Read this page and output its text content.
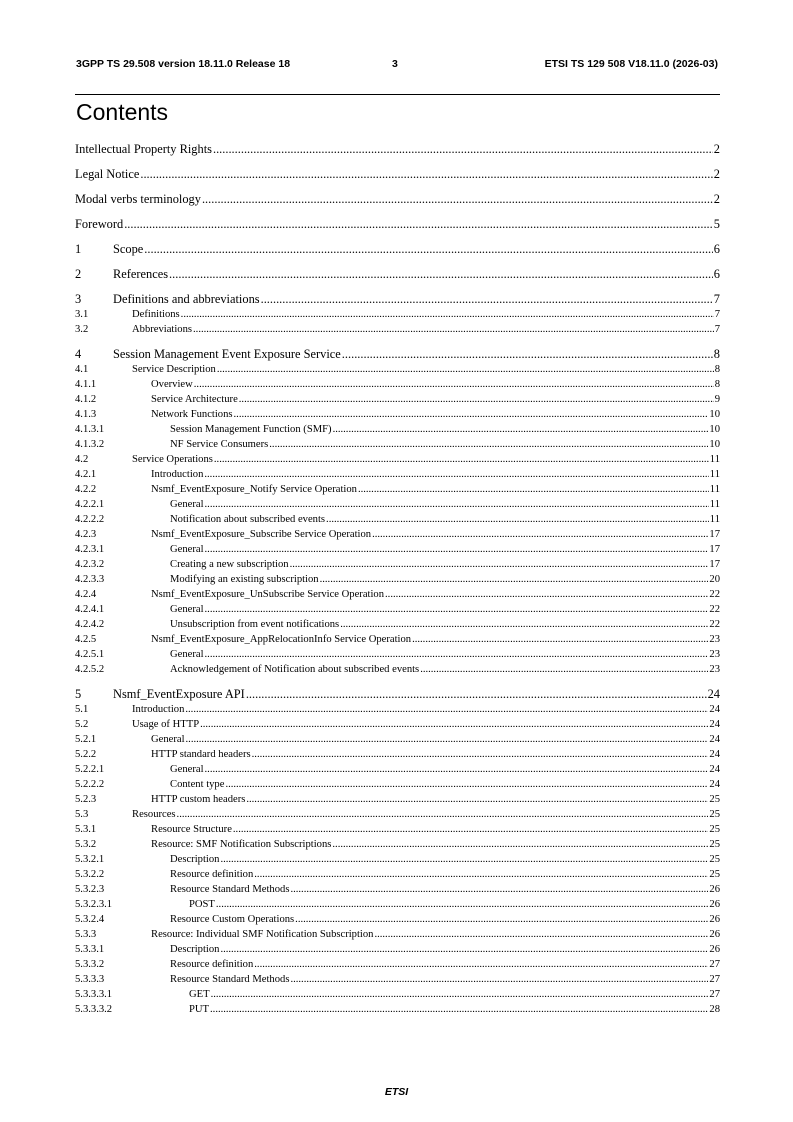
3GPP TS 29.508 version 18.11.0 Release 18	3	ETSI TS 129 508 V18.11.0 (2026-03)
Contents
Intellectual Property Rights .....	2
Legal Notice .....	2
Modal verbs terminology .....	2
Foreword .....	5
1	Scope .....	6
2	References .....	6
3	Definitions and abbreviations .....	7
3.1	Definitions .....	7
3.2	Abbreviations .....	7
4	Session Management Event Exposure Service .....	8
4.1	Service Description .....	8
4.1.1	Overview .....	8
4.1.2	Service Architecture .....	9
4.1.3	Network Functions .....	10
4.1.3.1	Session Management Function (SMF) .....	10
4.1.3.2	NF Service Consumers .....	10
4.2	Service Operations .....	11
4.2.1	Introduction .....	11
4.2.2	Nsmf_EventExposure_Notify Service Operation .....	11
4.2.2.1	General .....	11
4.2.2.2	Notification about subscribed events .....	11
4.2.3	Nsmf_EventExposure_Subscribe Service Operation .....	17
4.2.3.1	General .....	17
4.2.3.2	Creating a new subscription .....	17
4.2.3.3	Modifying an existing subscription .....	20
4.2.4	Nsmf_EventExposure_UnSubscribe Service Operation .....	22
4.2.4.1	General .....	22
4.2.4.2	Unsubscription from event notifications .....	22
4.2.5	Nsmf_EventExposure_AppRelocationInfo Service Operation .....	23
4.2.5.1	General .....	23
4.2.5.2	Acknowledgement of Notification about subscribed events .....	23
5	Nsmf_EventExposure API .....	24
5.1	Introduction .....	24
5.2	Usage of HTTP .....	24
5.2.1	General .....	24
5.2.2	HTTP standard headers .....	24
5.2.2.1	General .....	24
5.2.2.2	Content type .....	24
5.2.3	HTTP custom headers .....	25
5.3	Resources .....	25
5.3.1	Resource Structure .....	25
5.3.2	Resource: SMF Notification Subscriptions .....	25
5.3.2.1	Description .....	25
5.3.2.2	Resource definition .....	25
5.3.2.3	Resource Standard Methods .....	26
5.3.2.3.1	POST .....	26
5.3.2.4	Resource Custom Operations .....	26
5.3.3	Resource: Individual SMF Notification Subscription .....	26
5.3.3.1	Description .....	26
5.3.3.2	Resource definition .....	27
5.3.3.3	Resource Standard Methods .....	27
5.3.3.3.1	GET .....	27
5.3.3.3.2	PUT .....	28
ETSI
